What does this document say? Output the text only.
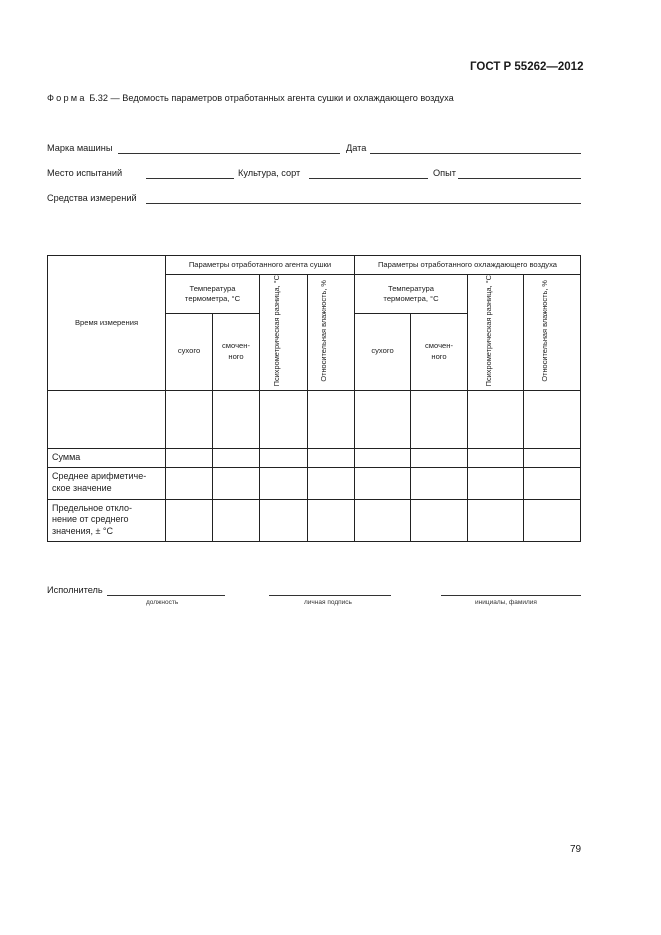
ГОСТ Р 55262—2012
Форма Б.32 — Ведомость параметров отработанных агента сушки и охлаждающего воздуха
Марка машины	Дата
Место испытаний	Культура, сорт	Опыт
Средства измерений
Время измерения	Параметры отработанного агента сушки				Параметры отработанного охлаждающего воздуха			

	Температура термометра, °С		Психрометрическая разница, °С	Относительная влажность, %	Температура термометра, °С		Психрометрическая разница, °С	Относительная влажность, %
	сухого	смочен- ного			сухого	смочен- ного		

Сумма								

Среднее арифметиче- ское значение								

Предельное откло- нение от среднего значения, ± °С								

Исполнитель
должность	личная подпись	инициалы, фамилия
79
